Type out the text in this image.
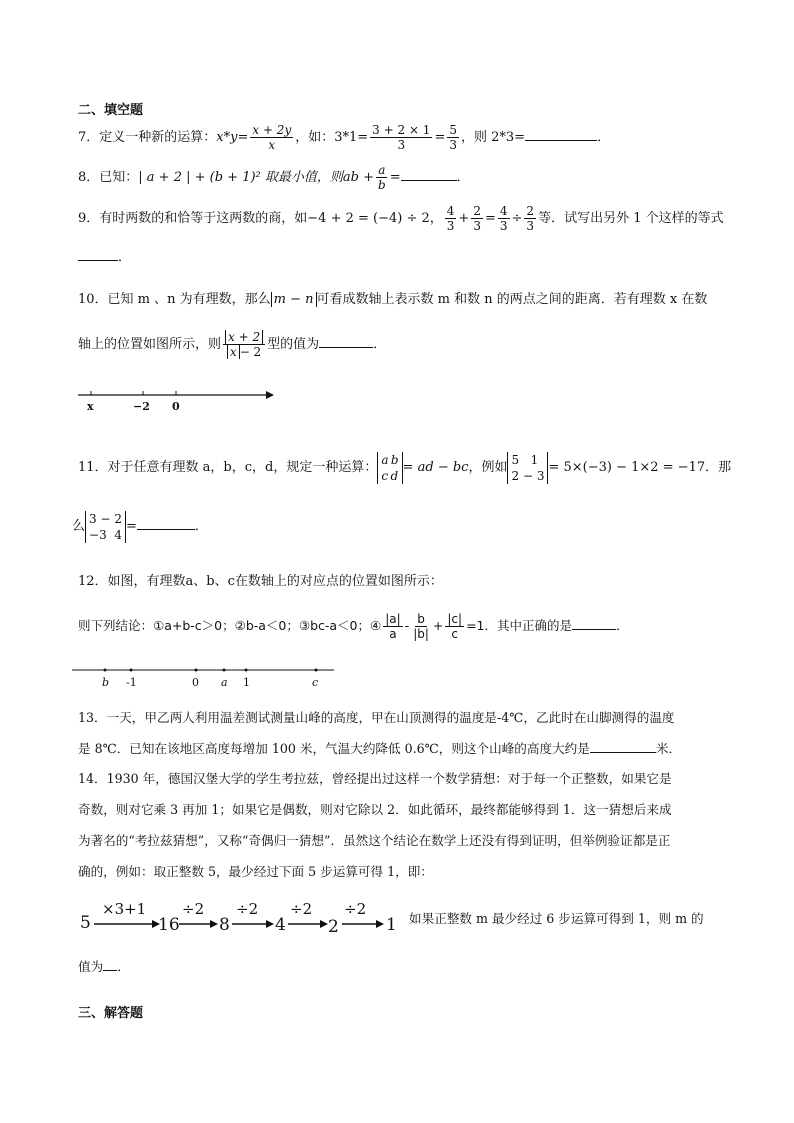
二、填空题
7．定义一种新的运算：$x*y= \frac{x + 2y}{x}$ ，如：$3*1= \frac{3 + 2 \times 1}{3} = \frac{5}{3}$ ，则 2*3=	．
8．已知：| a + 2 | + (b + 1)² 取最小值，则ab + $\frac{a}{b}$ =	．
9．有时两数的和恰等于这两数的商，如−4 + 2 = (−4) ÷ 2， $\frac{4}{3} + \frac{2}{3} = \frac{4}{3} \div \frac{2}{3}$ 等．试写出另外 1 个这样的等式
．
10．已知 m 、n 为有理数，那么 m − n 可看成数轴上表示数 m 和数 n 的两点之间的距离．若有理数 x 在数
轴上的位置如图所示，则 $\frac{x + 2}{x - 2}$ 型的值为	．
x	−2 0
11．对于任意有理数 a，b，c，d，规定一种运算：
a  b
c  d
= ad − bc，例如
5 1
2 − 3
= 5×(−3) − 1×2 = −17．那
么
3 − 2
−3 4
=	．
12．如图，有理数a、b、c在数轴上的对应点的位置如图所示：
则下列结论：①a+b-c＞0；②b-a＜0；③bc-a＜0；④ $\frac{|a|}{a} - \frac{b}{|b|} + \frac{|c|}{c} =1$．其中正确的是	．
b -1	0 a 1	c
13．一天，甲乙两人利用温差测试测量山峰的高度，甲在山顶测得的温度是-4℃，乙此时在山脚测得的温度
是 8℃．已知在该地区高度每增加 100 米，气温大约降低 0.6℃，则这个山峰的高度大约是	米．
14．1930 年，德国汉堡大学的学生考拉兹，曾经提出过这样一个数学猜想：对于每一个正整数，如果它是
奇数，则对它乘 3 再加 1；如果它是偶数，则对它除以 2．如此循环，最终都能够得到 1．这一猜想后来成
为著名的“考拉兹猜想”，又称“奇偶归一猜想”．虽然这个结论在数学上还没有得到证明，但举例验证都是正
确的，例如：取正整数 5，最少经过下面 5 步运算可得 1，即：
5
×3+1
16
÷2
8
÷2
4
÷2
2
÷2
1 如果正整数 m 最少经过 6 步运算可得到 1，则 m 的
值为 ．
三、解答题
